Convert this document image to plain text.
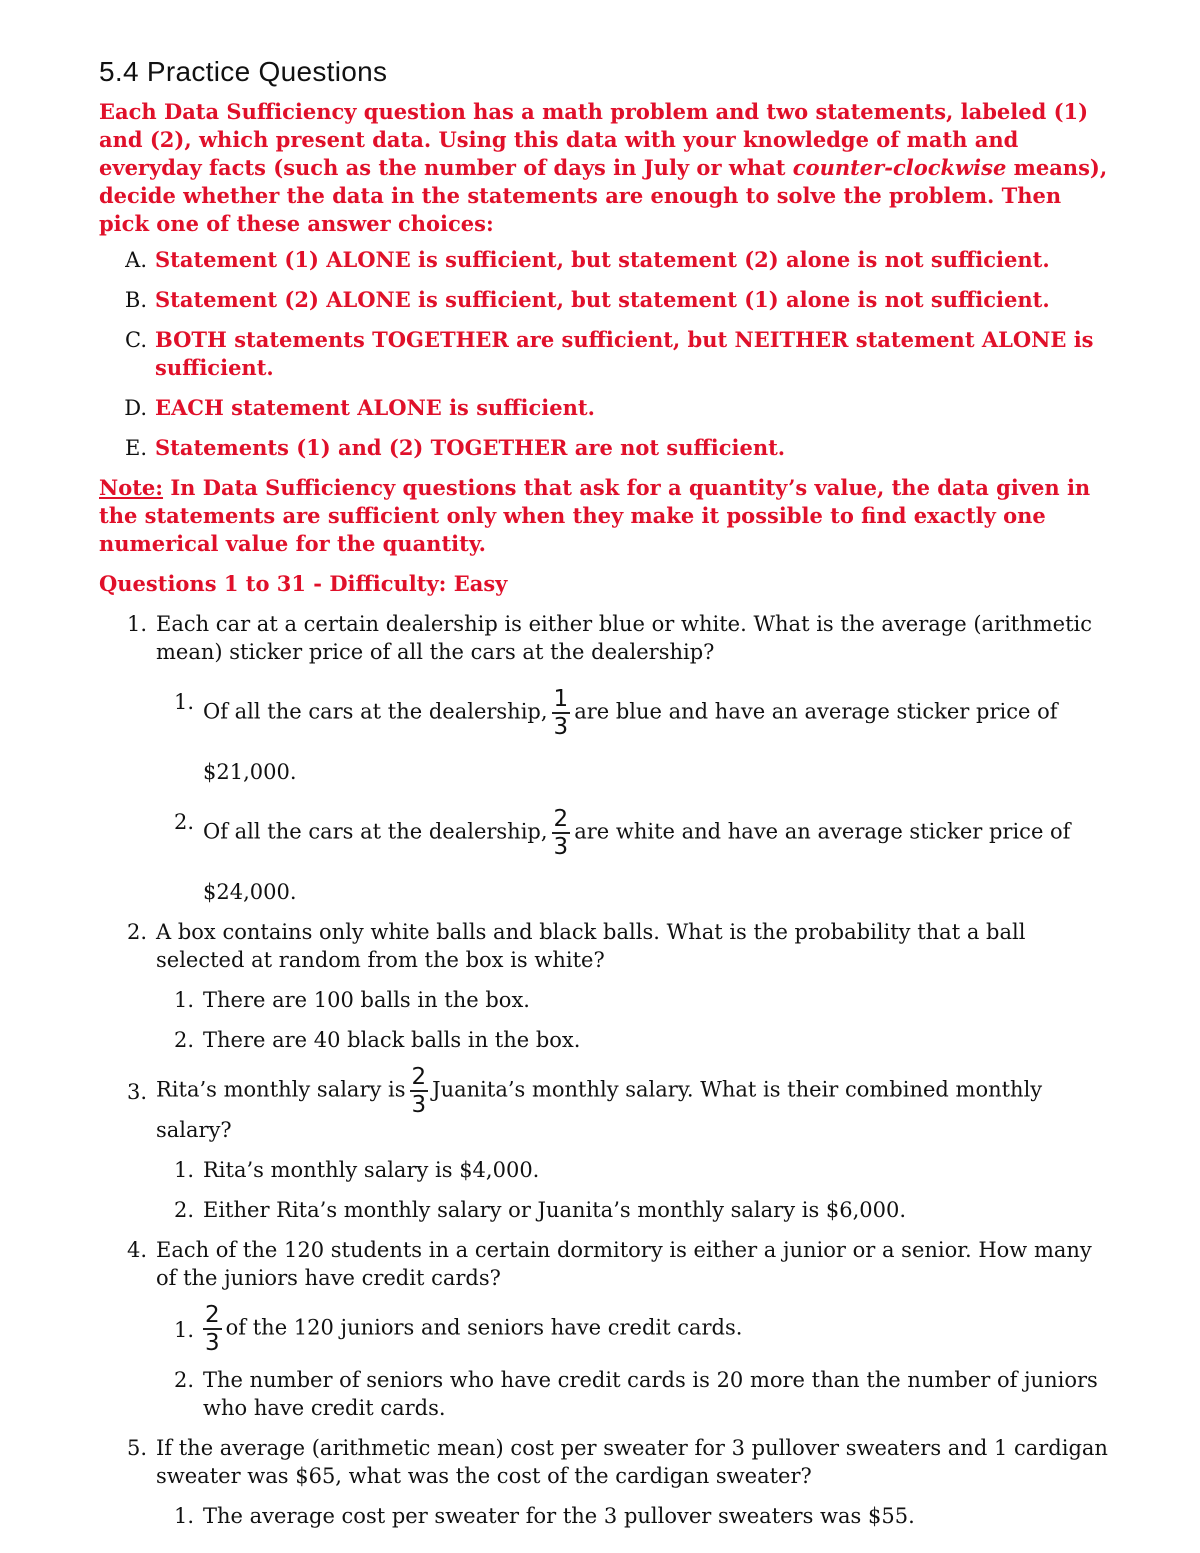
5.4 Practice Questions

Each Data Sufficiency question has a math problem and two statements, labeled (1) and (2), which present data. Using this data with your knowledge of math and everyday facts (such as the number of days in July or what counter-clockwise means), decide whether the data in the statements are enough to solve the problem. Then pick one of these answer choices:

A. Statement (1) ALONE is sufficient, but statement (2) alone is not sufficient.
B. Statement (2) ALONE is sufficient, but statement (1) alone is not sufficient.
C. BOTH statements TOGETHER are sufficient, but NEITHER statement ALONE is sufficient.
D. EACH statement ALONE is sufficient.
E. Statements (1) and (2) TOGETHER are not sufficient.

Note: In Data Sufficiency questions that ask for a quantity’s value, the data given in the statements are sufficient only when they make it possible to find exactly one numerical value for the quantity.

Questions 1 to 31 - Difficulty: Easy

1. Each car at a certain dealership is either blue or white. What is the average (arithmetic mean) sticker price of all the cars at the dealership?
1. Of all the cars at the dealership, $\frac{1}{3}$ are blue and have an average sticker price of
$21,000.
2. Of all the cars at the dealership, $\frac{2}{3}$ are white and have an average sticker price of
$24,000.
2. A box contains only white balls and black balls. What is the probability that a ball selected at random from the box is white?
1. There are 100 balls in the box.
2. There are 40 black balls in the box.
3. Rita’s monthly salary is $\frac{2}{3}$ Juanita’s monthly salary. What is their combined monthly salary?
1. Rita’s monthly salary is $4,000.
2. Either Rita’s monthly salary or Juanita’s monthly salary is $6,000.
4. Each of the 120 students in a certain dormitory is either a junior or a senior. How many of the juniors have credit cards?
1. $\frac{2}{3}$ of the 120 juniors and seniors have credit cards.
2. The number of seniors who have credit cards is 20 more than the number of juniors who have credit cards.
5. If the average (arithmetic mean) cost per sweater for 3 pullover sweaters and 1 cardigan sweater was $65, what was the cost of the cardigan sweater?
1. The average cost per sweater for the 3 pullover sweaters was $55.
